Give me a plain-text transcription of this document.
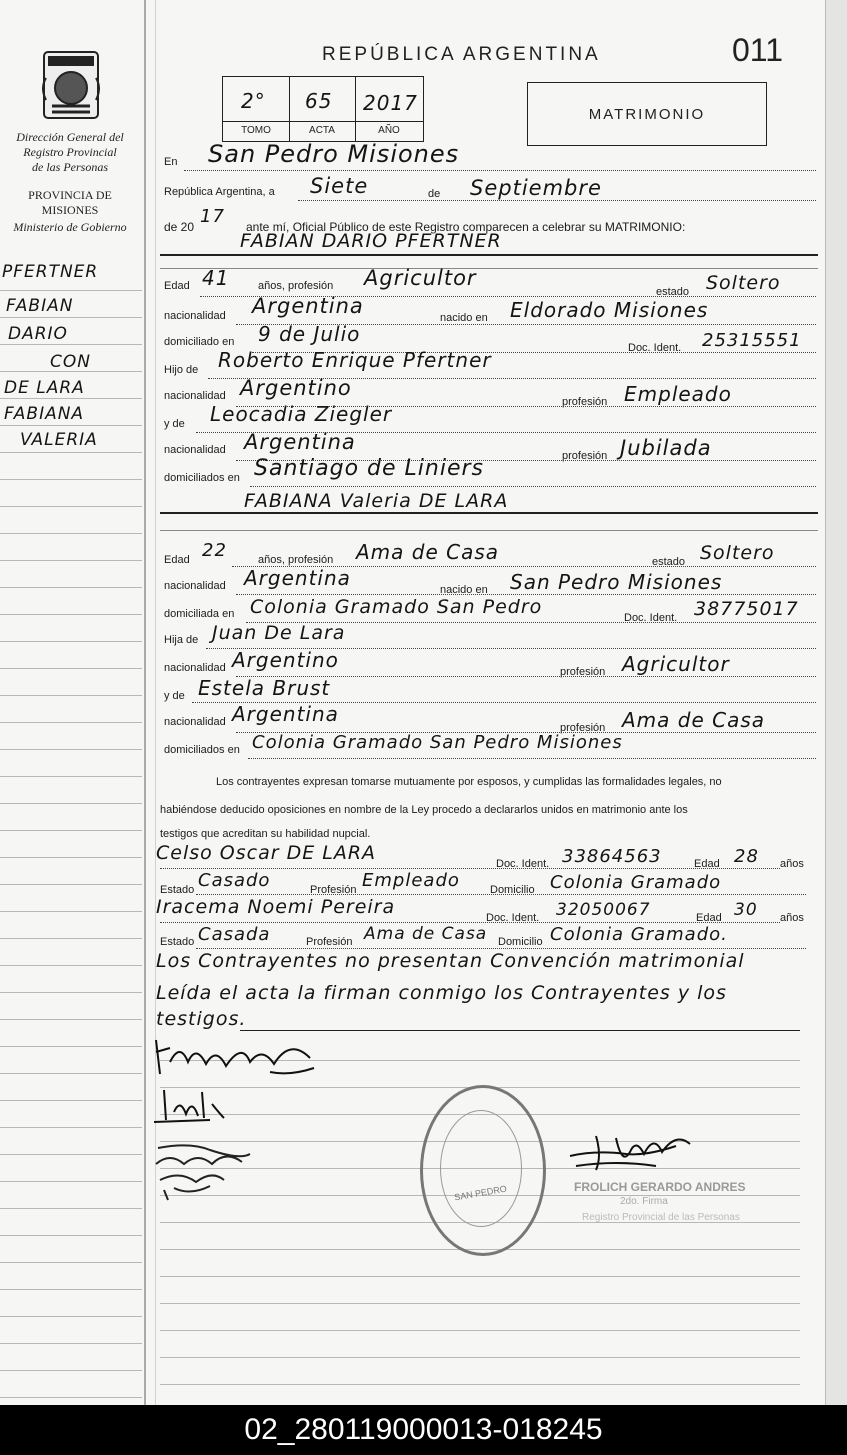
Dirección General del
Registro Provincial
de las Personas
PROVINCIA DE
MISIONES
Ministerio de Gobierno
PFERTNER
FABIAN
DARIO
CON
DE LARA
FABIANA
VALERIA
REPÚBLICA ARGENTINA	011
2° 65 2017
TOMO	ACTA	AÑO
MATRIMONIO
En San Pedro Misiones
República Argentina, a Siete	de Septiembre
de 20 17 ante mí, Oficial Público de este Registro comparecen a celebrar su MATRIMONIO:
FABIAN DARIO PFERTNER
Edad 41	años, profesión Agricultor
estado Soltero
nacionalidad Argentina	nacido en Eldorado Misiones
domiciliado en 9 de Julio
Doc. Ident. 25315551
Hijo de Roberto Enrique Pfertner
nacionalidad Argentino
profesión Empleado
y de Leocadia Ziegler
nacionalidad Argentina
profesión Jubilada
domiciliados en Santiago de Liniers
FABIANA Valeria DE LARA
Edad 22	años, profesión Ama de Casa	estado Soltero
nacionalidad Argentina	nacido en San Pedro Misiones
domiciliada en Colonia Gramado San Pedro	Doc. Ident. 38775017
Hija de Juan De Lara
nacionalidad Argentino	profesión Agricultor
y de Estela Brust
nacionalidad Argentina
profesión Ama de Casa
domiciliados en Colonia Gramado San Pedro Misiones
Los contrayentes expresan tomarse mutuamente por esposos, y cumplidas las formalidades legales, no
habiéndose deducido oposiciones en nombre de la Ley procedo a declararlos unidos en matrimonio ante los
testigos que acreditan su habilidad nupcial.
Celso Oscar DE LARA	Doc. Ident. 33864563	Edad 28 años
Estado Casado	Profesión Empleado	Domicilio Colonia Gramado
Iracema Noemi Pereira	Doc. Ident. 32050067	Edad 30 años
Estado Casada	Profesión Ama de Casa Domicilio Colonia Gramado.
Los Contrayentes no presentan Convención matrimonial
Leída el acta la firman conmigo los Contrayentes y los
testigos.
SAN PEDRO	FROLICH GERARDO ANDRES
2do. Firma
Registro Provincial de las Personas
02_280119000013-018245
